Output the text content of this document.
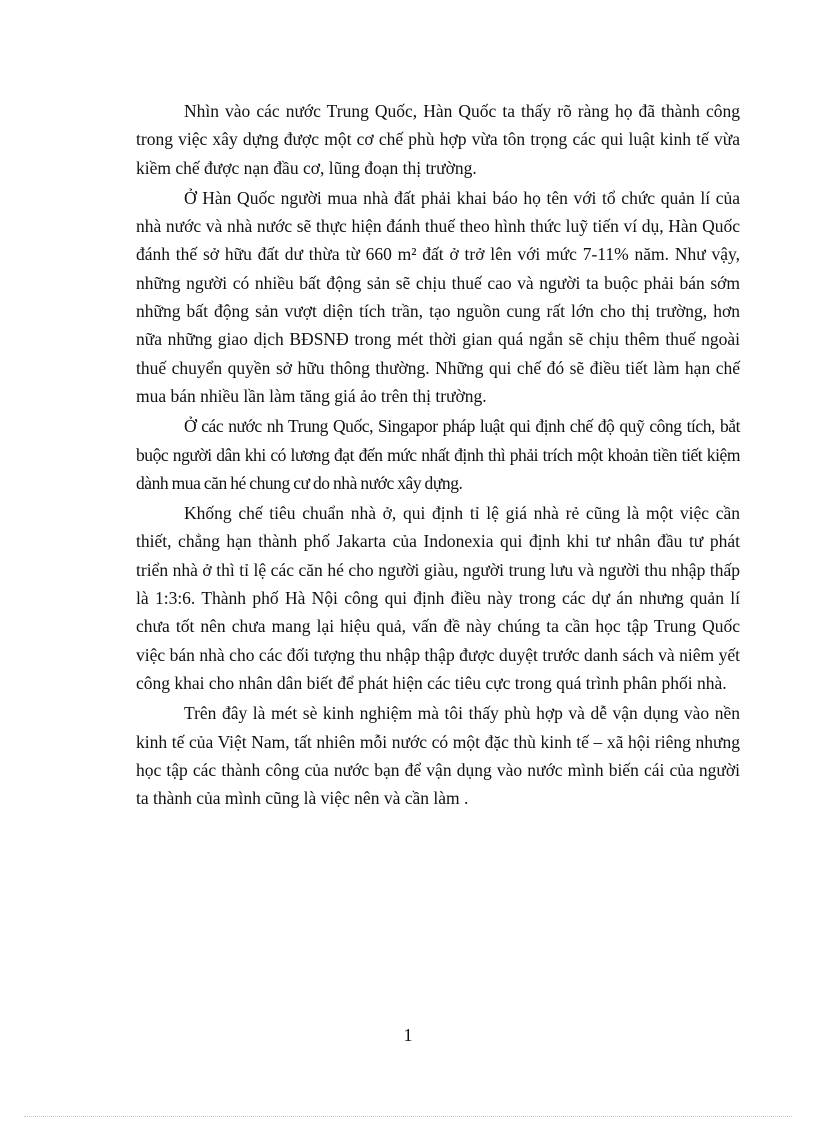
Nhìn vào các nước Trung Quốc, Hàn Quốc ta thấy rõ ràng họ đã thành công trong việc xây dựng được một cơ chế phù hợp vừa tôn trọng các qui luật kinh tế vừa kiềm chế được nạn đầu cơ, lũng đoạn thị trường.

Ở Hàn Quốc người mua nhà đất phải khai báo họ tên với tổ chức quản lí của nhà nước và nhà nước sẽ thực hiện đánh thuế theo hình thức luỹ tiến ví dụ, Hàn Quốc đánh thế sở hữu đất dư thừa từ 660 m² đất ở trở lên với mức 7-11% năm. Như vậy, những người có nhiều bất động sản sẽ chịu thuế cao và người ta buộc phải bán sớm những bất động sản vượt diện tích trần, tạo nguồn cung rất lớn cho thị trường, hơn nữa những giao dịch BĐSNĐ trong mét thời gian quá ngắn sẽ chịu thêm thuế ngoài thuế chuyển quyền sở hữu thông thường. Những qui chế đó sẽ điều tiết làm hạn chế mua bán nhiều lần làm tăng giá ảo trên thị trường.

Ở các nước nh Trung Quốc, Singapor pháp luật qui định chế độ quỹ công tích, bắt buộc người dân khi có lương đạt đến mức nhất định thì phải trích một khoản tiền tiết kiệm dành mua căn hé chung cư do nhà nước xây dựng.

Khống chế tiêu chuẩn nhà ở, qui định tỉ lệ giá nhà rẻ cũng là một việc cần thiết, chẳng hạn thành phố Jakarta của Indonexia qui định khi tư nhân đầu tư phát triển nhà ở thì tỉ lệ các căn hé cho người giàu, người trung lưu và người thu nhập thấp là 1:3:6. Thành phố Hà Nội công qui định điều này trong các dự án nhưng quản lí chưa tốt nên chưa mang lại hiệu quả, vấn đề này chúng ta cần học tập Trung Quốc việc bán nhà cho các đối tượng thu nhập thập được duyệt trước danh sách và niêm yết công khai cho nhân dân biết để phát hiện các tiêu cực trong quá trình phân phối nhà.

Trên đây là mét sè kinh nghiệm mà tôi thấy phù hợp và dễ vận dụng vào nền kinh tế của Việt Nam, tất nhiên mỗi nước có một đặc thù kinh tế – xã hội riêng nhưng học tập các thành công của nước bạn để vận dụng vào nước mình biến cái của người ta thành của mình cũng là việc nên và cần làm .

1
